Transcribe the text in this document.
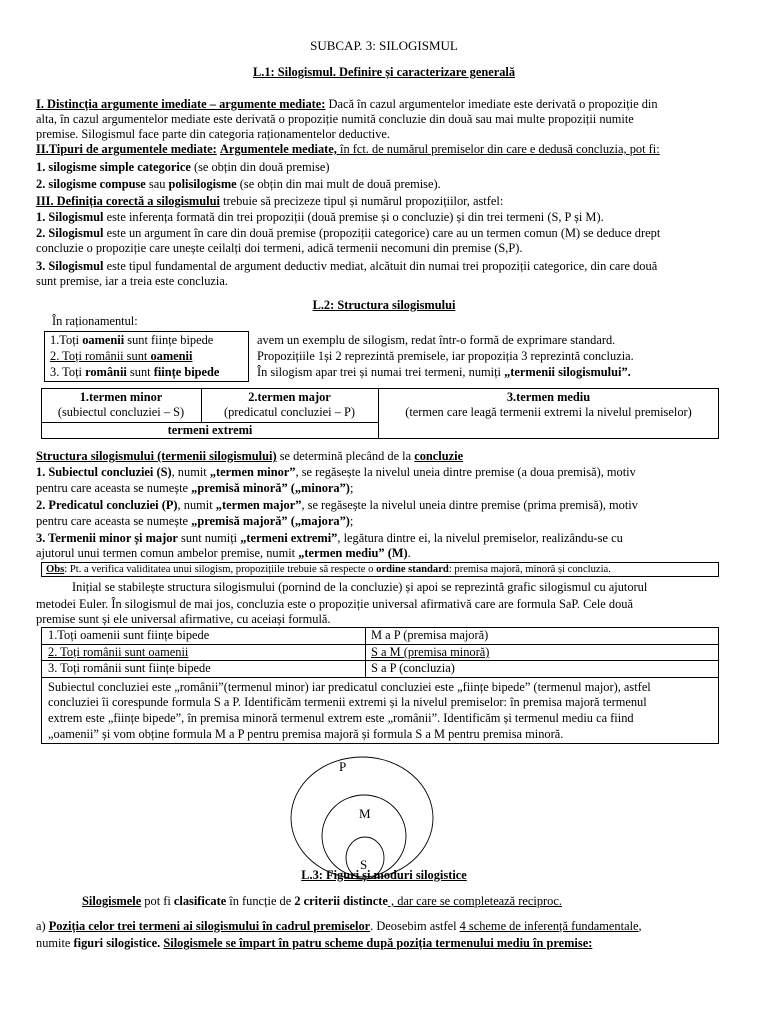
SUBCAP. 3: SILOGISMUL
L.1: Silogismul. Definire și caracterizare generală
I. Distincția argumente imediate – argumente mediate: Dacă în cazul argumentelor imediate este derivată o propoziție din
alta, în cazul argumentelor mediate este derivată o propoziție numită concluzie din două sau mai multe propoziții numite
premise. Silogismul face parte din categoria raționamentelor deductive.
II.Tipuri de argumentele mediate: Argumentele mediate, în fct. de numărul premiselor din care e dedusă concluzia, pot fi:
1. silogisme simple categorice (se obțin din două premise)
2. silogisme compuse sau polisilogisme (se obțin din mai mult de două premise).
III. Definiția corectă a silogismului trebuie să precizeze tipul și numărul propozițiilor, astfel:
1. Silogismul este inferența formată din trei propoziții (două premise și o concluzie) și din trei termeni (S, P și M).
2. Silogismul este un argument în care din două premise (propoziții categorice) care au un termen comun (M) se deduce drept
concluzie o propoziție care unește ceilalți doi termeni, adică termenii necomuni din premise (S,P).
3. Silogismul este tipul fundamental de argument deductiv mediat, alcătuit din numai trei propoziții categorice, din care două
sunt premise, iar a treia este concluzia.
L.2: Structura silogismului
În raționamentul:
1.Toți oamenii sunt ființe bipede
2. Toți românii sunt oamenii
3. Toți românii sunt ființe bipede
avem un exemplu de silogism, redat într-o formă de exprimare standard.
Propozițiile 1și 2 reprezintă premisele, iar propoziția 3 reprezintă concluzia.
În silogism apar trei și numai trei termeni, numiți „termenii silogismului”.
1.termen minor
(subiectul concluziei – S)
2.termen major
(predicatul concluziei – P)
3.termen mediu
(termen care leagă termenii extremi la nivelul premiselor)
termeni extremi
Structura silogismului (termenii silogismului) se determină plecând de la concluzie
1. Subiectul concluziei (S), numit „termen minor”, se regăsește la nivelul uneia dintre premise (a doua premisă), motiv
pentru care aceasta se numește „premisă minoră” („minora”);
2. Predicatul concluziei (P), numit „termen major”, se regăsește la nivelul uneia dintre premise (prima premisă), motiv
pentru care aceasta se numește „premisă majoră” („majora”);
3. Termenii minor și major sunt numiți „termeni extremi”, legătura dintre ei, la nivelul premiselor, realizându-se cu
ajutorul unui termen comun ambelor premise, numit „termen mediu” (M).
Obs: Pt. a verifica validitatea unui silogism, propozițiile trebuie să respecte o ordine standard: premisa majoră, minoră și concluzia.
Inițial se stabilește structura silogismului (pornind de la concluzie) și apoi se reprezintă grafic silogismul cu ajutorul
metodei Euler. În silogismul de mai jos, concluzia este o propoziție universal afirmativă care are formula SaP. Cele două
premise sunt și ele universal afirmative, cu aceiași formulă.
1.Toți oamenii sunt ființe bipede	M a P (premisa majoră)
2. Toți românii sunt oamenii	S a M (premisa minoră)
3. Toți românii sunt ființe bipede	S a P (concluzia)
Subiectul concluziei este „românii”(termenul minor) iar predicatul concluziei este „ființe bipede” (termenul major), astfel
concluziei îi corespunde formula S a P. Identificăm termenii extremi și la nivelul premiselor: în premisa majoră termenul
extrem este „ființe bipede”, în premisa minoră termenul extrem este „românii”. Identificăm și termenul mediu ca fiind
„oamenii” și vom obține formula M a P pentru premisa majoră și formula S a M pentru premisa minoră.
P
M
S
L.3: Figuri și moduri silogistice
Silogismele pot fi clasificate în funcție de 2 criterii distincte , dar care se completează reciproc.
a) Poziția celor trei termeni ai silogismului în cadrul premiselor. Deosebim astfel 4 scheme de inferență fundamentale,
numite figuri silogistice. Silogismele se împart în patru scheme după poziția termenului mediu în premise:
